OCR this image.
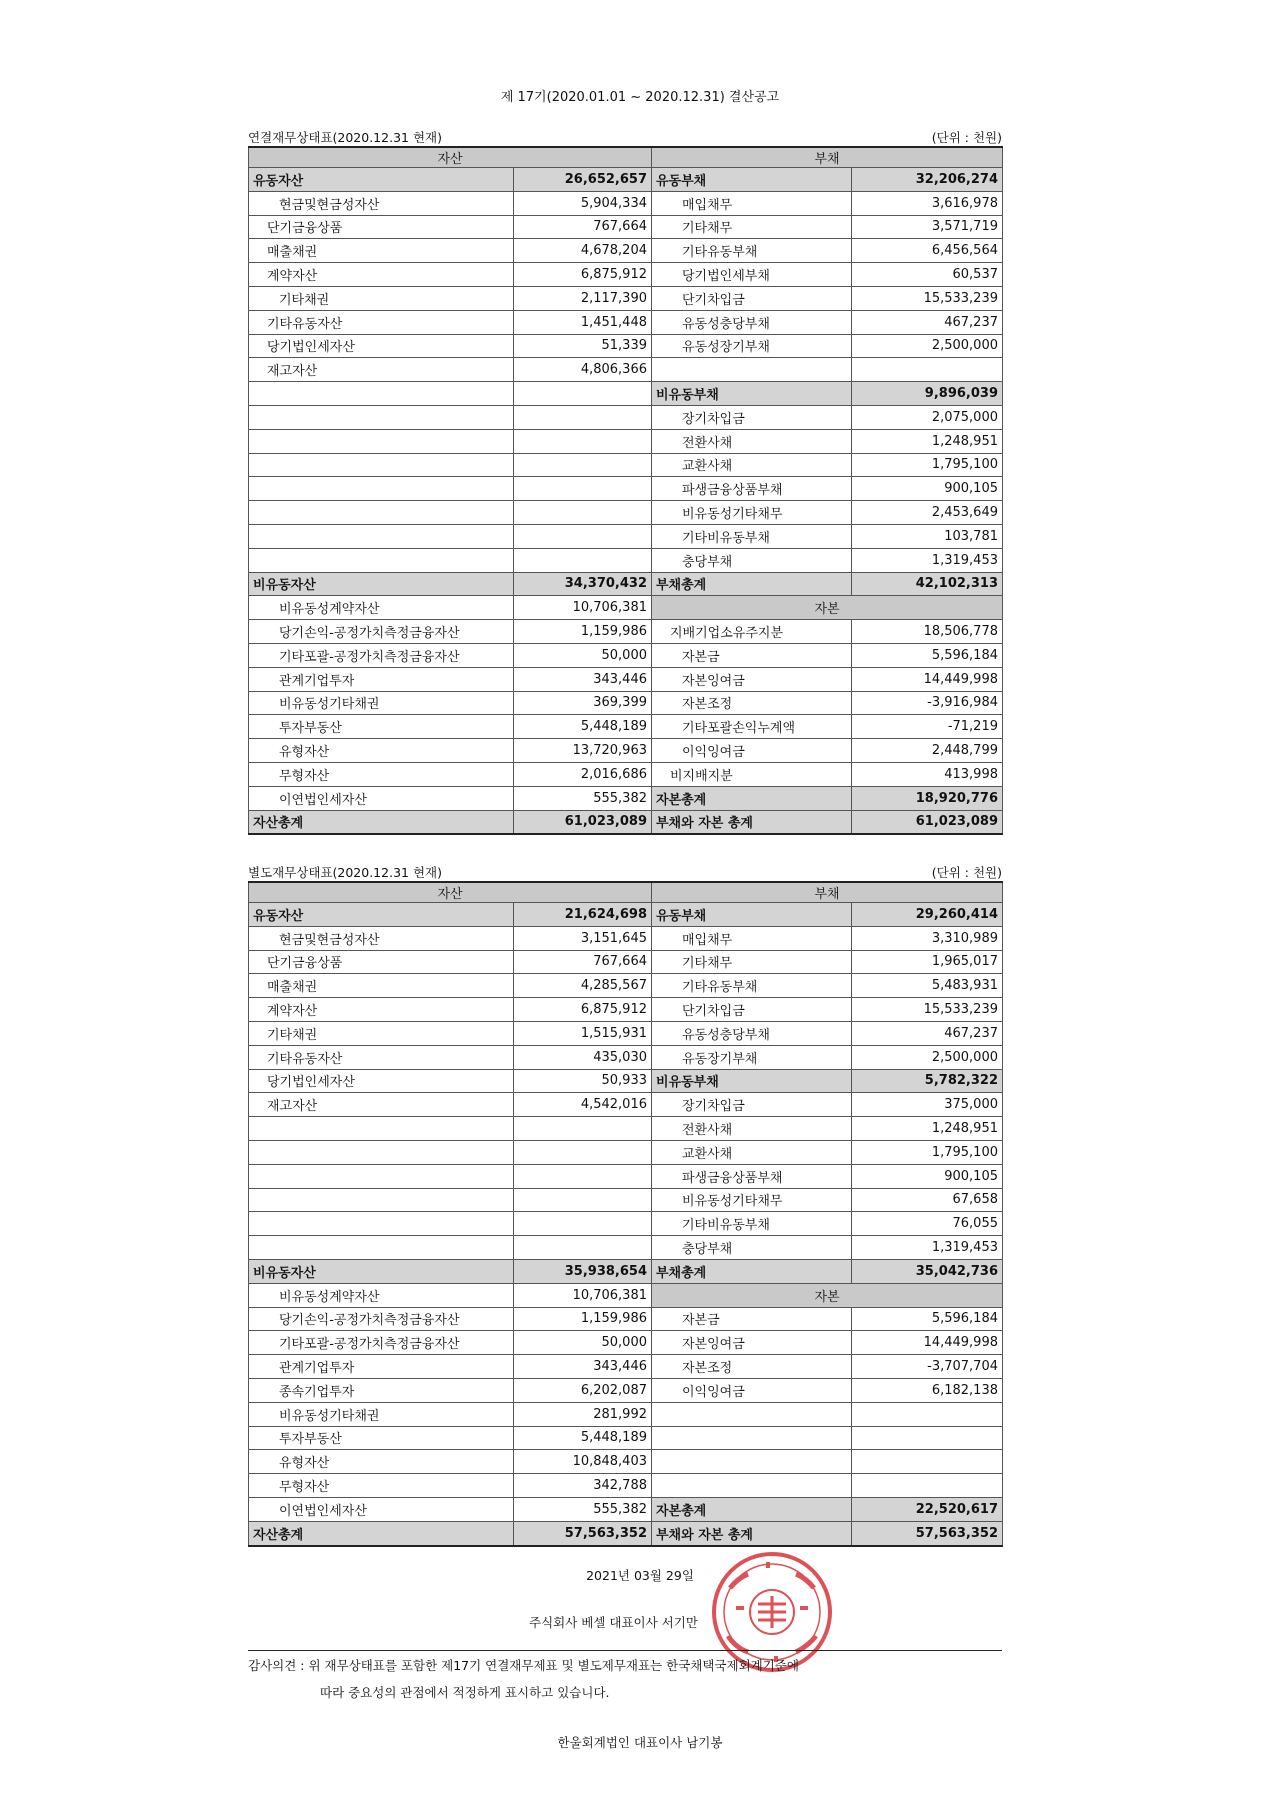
제 17기(2020.01.01 ~ 2020.12.31) 결산공고
연결재무상태표(2020.12.31 현재)	(단위 : 천원)
자산		부채	
유동자산	26,652,657	유동부채	32,206,274
현금및현금성자산	5,904,334	매입채무	3,616,978
단기금융상품	767,664	기타채무	3,571,719
매출채권	4,678,204	기타유동부채	6,456,564
계약자산	6,875,912	당기법인세부채	60,537
기타채권	2,117,390	단기차입금	15,533,239
기타유동자산	1,451,448	유동성충당부채	467,237
당기법인세자산	51,339	유동성장기부채	2,500,000
재고자산	4,806,366		
		비유동부채	9,896,039
		장기차입금	2,075,000
		전환사채	1,248,951
		교환사채	1,795,100
		파생금융상품부채	900,105
		비유동성기타채무	2,453,649
		기타비유동부채	103,781
		충당부채	1,319,453
비유동자산	34,370,432	부채총계	42,102,313
비유동성계약자산	10,706,381	자본	
당기손익-공정가치측정금융자산	1,159,986	지배기업소유주지분	18,506,778
기타포괄-공정가치측정금융자산	50,000	자본금	5,596,184
관계기업투자	343,446	자본잉여금	14,449,998
비유동성기타채권	369,399	자본조정	-3,916,984
투자부동산	5,448,189	기타포괄손익누계액	-71,219
유형자산	13,720,963	이익잉여금	2,448,799
무형자산	2,016,686	비지배지분	413,998
이연법인세자산	555,382	자본총계	18,920,776
자산총계	61,023,089	부채와 자본 총계	61,023,089
별도재무상태표(2020.12.31 현재)	(단위 : 천원)
자산		부채	
유동자산	21,624,698	유동부채	29,260,414
현금및현금성자산	3,151,645	매입채무	3,310,989
단기금융상품	767,664	기타채무	1,965,017
매출채권	4,285,567	기타유동부채	5,483,931
계약자산	6,875,912	단기차입금	15,533,239
기타채권	1,515,931	유동성충당부채	467,237
기타유동자산	435,030	유동장기부채	2,500,000
당기법인세자산	50,933	비유동부채	5,782,322
재고자산	4,542,016	장기차입금	375,000
		전환사채	1,248,951
		교환사채	1,795,100
		파생금융상품부채	900,105
		비유동성기타채무	67,658
		기타비유동부채	76,055
		충당부채	1,319,453
비유동자산	35,938,654	부채총계	35,042,736
비유동성계약자산	10,706,381	자본	
당기손익-공정가치측정금융자산	1,159,986	자본금	5,596,184
기타포괄-공정가치측정금융자산	50,000	자본잉여금	14,449,998
관계기업투자	343,446	자본조정	-3,707,704
종속기업투자	6,202,087	이익잉여금	6,182,138
비유동성기타채권	281,992		
투자부동산	5,448,189		
유형자산	10,848,403		
무형자산	342,788		
이연법인세자산	555,382	자본총계	22,520,617
자산총계	57,563,352	부채와 자본 총계	57,563,352
2021년 03월 29일
주식회사 베셀 대표이사 서기만
감사의견 : 위 재무상태표를 포함한 제17기 연결재무제표 및 별도제무재표는 한국채택국제회계기준에
따라 중요성의 관점에서 적정하게 표시하고 있습니다.
한울회계법인 대표이사 남기봉
